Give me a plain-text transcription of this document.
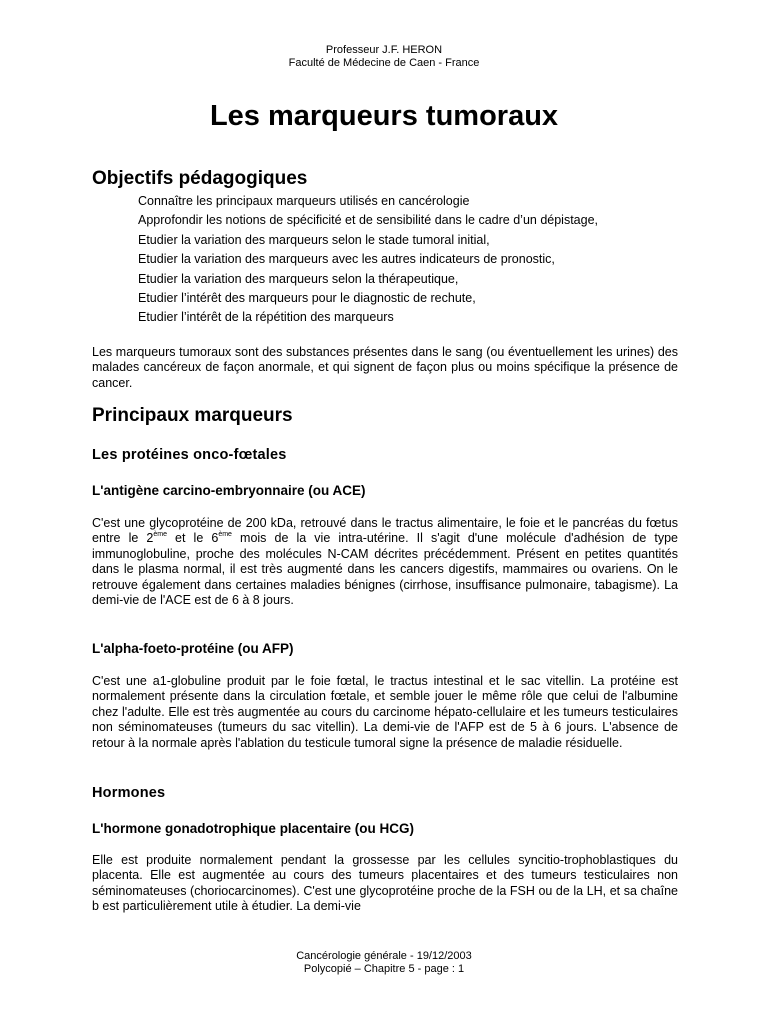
Professeur J.F. HERON
Faculté de Médecine de Caen - France
Les marqueurs tumoraux
Objectifs pédagogiques
Connaître les principaux marqueurs utilisés en cancérologie
Approfondir les notions de spécificité et de sensibilité dans le cadre d’un dépistage,
Etudier la variation des marqueurs selon le stade tumoral initial,
Etudier la variation des marqueurs avec les autres indicateurs de pronostic,
Etudier la variation des marqueurs selon la thérapeutique,
Etudier l’intérêt des marqueurs pour le diagnostic de rechute,
Etudier l’intérêt de la répétition des marqueurs

Les marqueurs tumoraux sont des substances présentes dans le sang (ou éventuellement les urines) des malades cancéreux de façon anormale, et qui signent de façon plus ou moins spécifique la présence de cancer.

Principaux marqueurs
Les protéines onco-fœtales
L'antigène carcino-embryonnaire (ou ACE)

C'est une glycoprotéine de 200 kDa, retrouvé dans le tractus alimentaire, le foie et le pancréas du fœtus entre le 2ème et le 6ème mois de la vie intra-utérine. Il s'agit d'une molécule d'adhésion de type immunoglobuline, proche des molécules N-CAM décrites précédemment. Présent en petites quantités dans le plasma normal, il est très augmenté dans les cancers digestifs, mammaires ou ovariens. On le retrouve également dans certaines maladies bénignes (cirrhose, insuffisance pulmonaire, tabagisme). La demi-vie de l'ACE est de 6 à 8 jours.

L'alpha-foeto-protéine (ou AFP)

C'est une a1-globuline produit par le foie fœtal, le tractus intestinal et le sac vitellin. La protéine est normalement présente dans la circulation fœtale, et semble jouer le même rôle que celui de l'albumine chez l'adulte. Elle est très augmentée au cours du carcinome hépato-cellulaire et les tumeurs testiculaires non séminomateuses (tumeurs du sac vitellin). La demi-vie de l'AFP est de 5 à 6 jours. L'absence de retour à la normale après l'ablation du testicule tumoral signe la présence de maladie résiduelle.

Hormones
L'hormone gonadotrophique placentaire (ou HCG)

Elle est produite normalement pendant la grossesse par les cellules syncitio-trophoblastiques du placenta. Elle est augmentée au cours des tumeurs placentaires et des tumeurs testiculaires non séminomateuses (choriocarcinomes). C'est une glycoprotéine proche de la FSH ou de la LH, et sa chaîne b est particulièrement utile à étudier. La demi-vie

Cancérologie générale - 19/12/2003
Polycopié – Chapitre 5 - page : 1
